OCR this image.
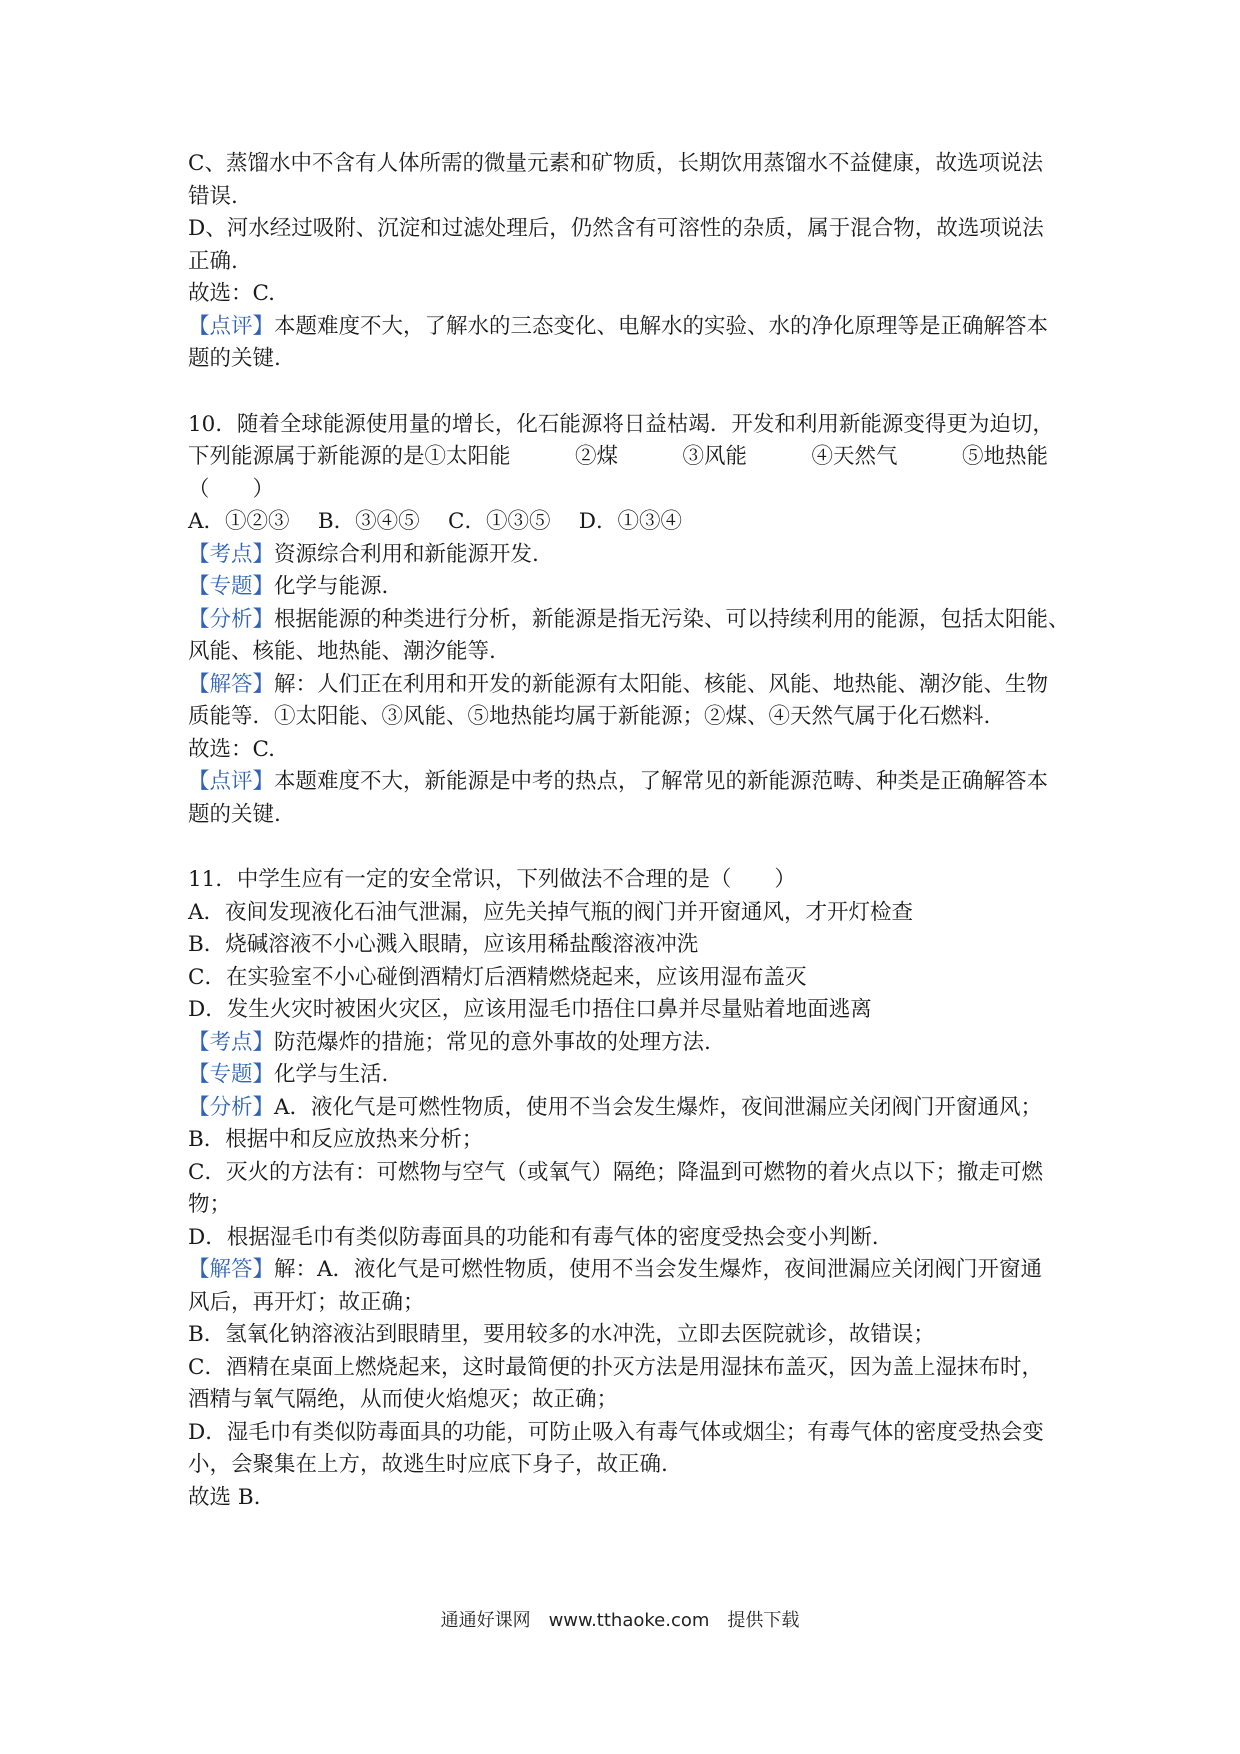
C、蒸馏水中不含有人体所需的微量元素和矿物质，长期饮用蒸馏水不益健康，故选项说法
错误.
D、河水经过吸附、沉淀和过滤处理后，仍然含有可溶性的杂质，属于混合物，故选项说法
正确.
故选：C.
【点评】本题难度不大，了解水的三态变化、电解水的实验、水的净化原理等是正确解答本
题的关键.
10．随着全球能源使用量的增长，化石能源将日益枯竭．开发和利用新能源变得更为迫切，
下列能源属于新能源的是①太阳能　　　②煤　　　③风能　　　④天然气　　　⑤地热能
（　　）
A．①②③　 B．③④⑤　 C．①③⑤　 D．①③④
【考点】资源综合利用和新能源开发.
【专题】化学与能源.
【分析】根据能源的种类进行分析，新能源是指无污染、可以持续利用的能源，包括太阳能、
风能、核能、地热能、潮汐能等.
【解答】解：人们正在利用和开发的新能源有太阳能、核能、风能、地热能、潮汐能、生物
质能等．①太阳能、③风能、⑤地热能均属于新能源；②煤、④天然气属于化石燃料.
故选：C.
【点评】本题难度不大，新能源是中考的热点，了解常见的新能源范畴、种类是正确解答本
题的关键.
11．中学生应有一定的安全常识，下列做法不合理的是（　　）
A．夜间发现液化石油气泄漏，应先关掉气瓶的阀门并开窗通风，才开灯检查
B．烧碱溶液不小心溅入眼睛，应该用稀盐酸溶液冲洗
C．在实验室不小心碰倒酒精灯后酒精燃烧起来，应该用湿布盖灭
D．发生火灾时被困火灾区，应该用湿毛巾捂住口鼻并尽量贴着地面逃离
【考点】防范爆炸的措施；常见的意外事故的处理方法.
【专题】化学与生活.
【分析】A．液化气是可燃性物质，使用不当会发生爆炸，夜间泄漏应关闭阀门开窗通风；
B．根据中和反应放热来分析；
C．灭火的方法有：可燃物与空气（或氧气）隔绝；降温到可燃物的着火点以下；撤走可燃
物；
D．根据湿毛巾有类似防毒面具的功能和有毒气体的密度受热会变小判断.
【解答】解：A．液化气是可燃性物质，使用不当会发生爆炸，夜间泄漏应关闭阀门开窗通
风后，再开灯；故正确；
B．氢氧化钠溶液沾到眼睛里，要用较多的水冲洗，立即去医院就诊，故错误；
C．酒精在桌面上燃烧起来，这时最简便的扑灭方法是用湿抹布盖灭，因为盖上湿抹布时，
酒精与氧气隔绝，从而使火焰熄灭；故正确；
D．湿毛巾有类似防毒面具的功能，可防止吸入有毒气体或烟尘；有毒气体的密度受热会变
小，会聚集在上方，故逃生时应底下身子，故正确.
故选 B.
通通好课网　www.tthaoke.com　提供下载
